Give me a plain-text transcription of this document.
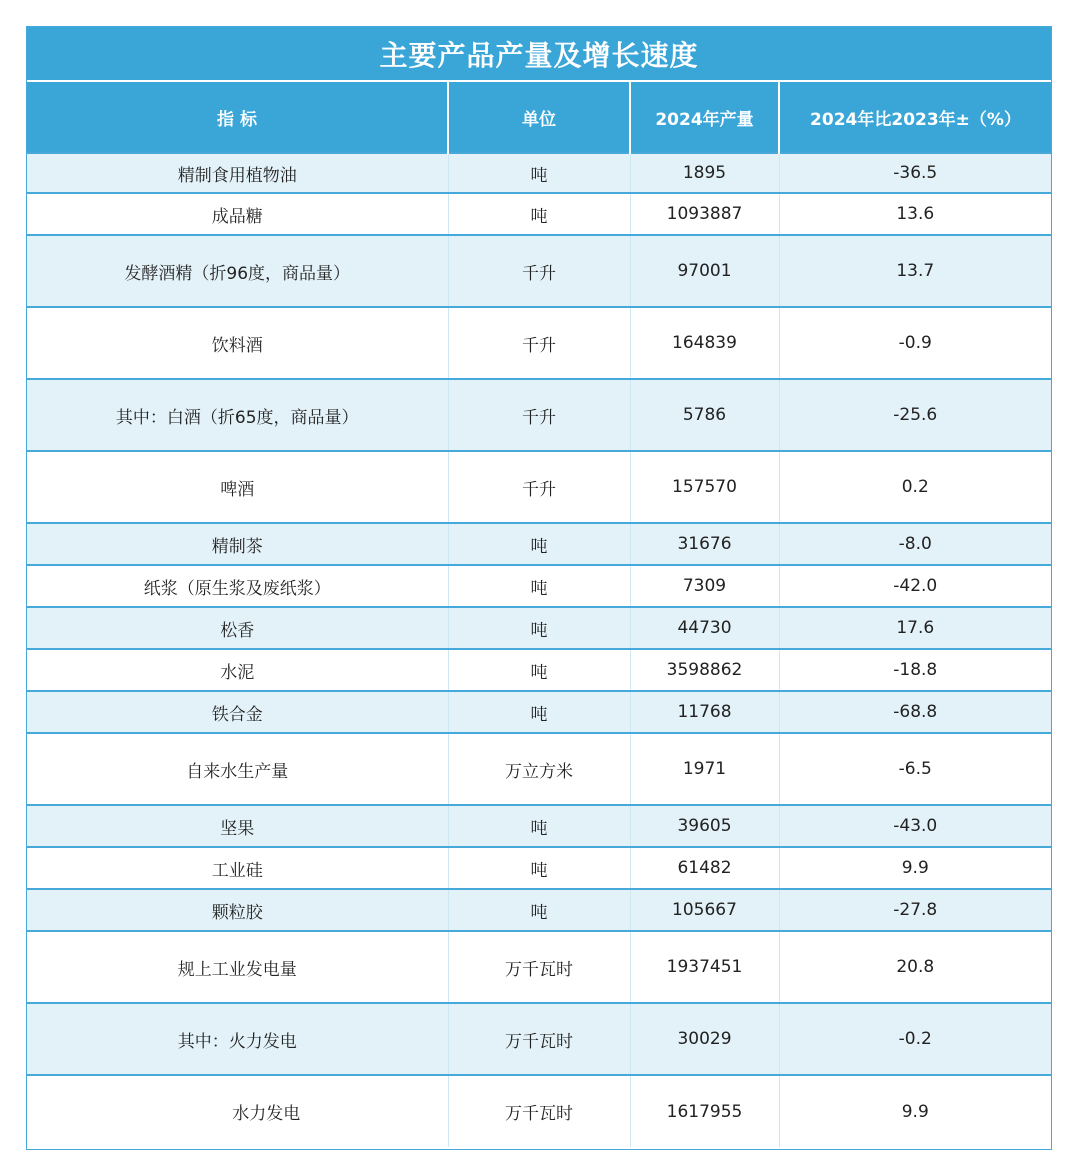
主要产品产量及增长速度
指 标	单位	2024年产量	2024年比2023年±（%）
精制食用植物油	吨	1895	-36.5
成品糖	吨	1093887	13.6
发酵酒精（折96度，商品量）	千升	97001	13.7
饮料酒	千升	164839	-0.9
其中：白酒（折65度，商品量）	千升	5786	-25.6
啤酒	千升	157570	0.2
精制茶	吨	31676	-8.0
纸浆（原生浆及废纸浆）	吨	7309	-42.0
松香	吨	44730	17.6
水泥	吨	3598862	-18.8
铁合金	吨	11768	-68.8
自来水生产量	万立方米	1971	-6.5
坚果	吨	39605	-43.0
工业硅	吨	61482	9.9
颗粒胶	吨	105667	-27.8
规上工业发电量	万千瓦时	1937451	20.8
其中：火力发电	万千瓦时	30029	-0.2
水力发电	万千瓦时	1617955	9.9
